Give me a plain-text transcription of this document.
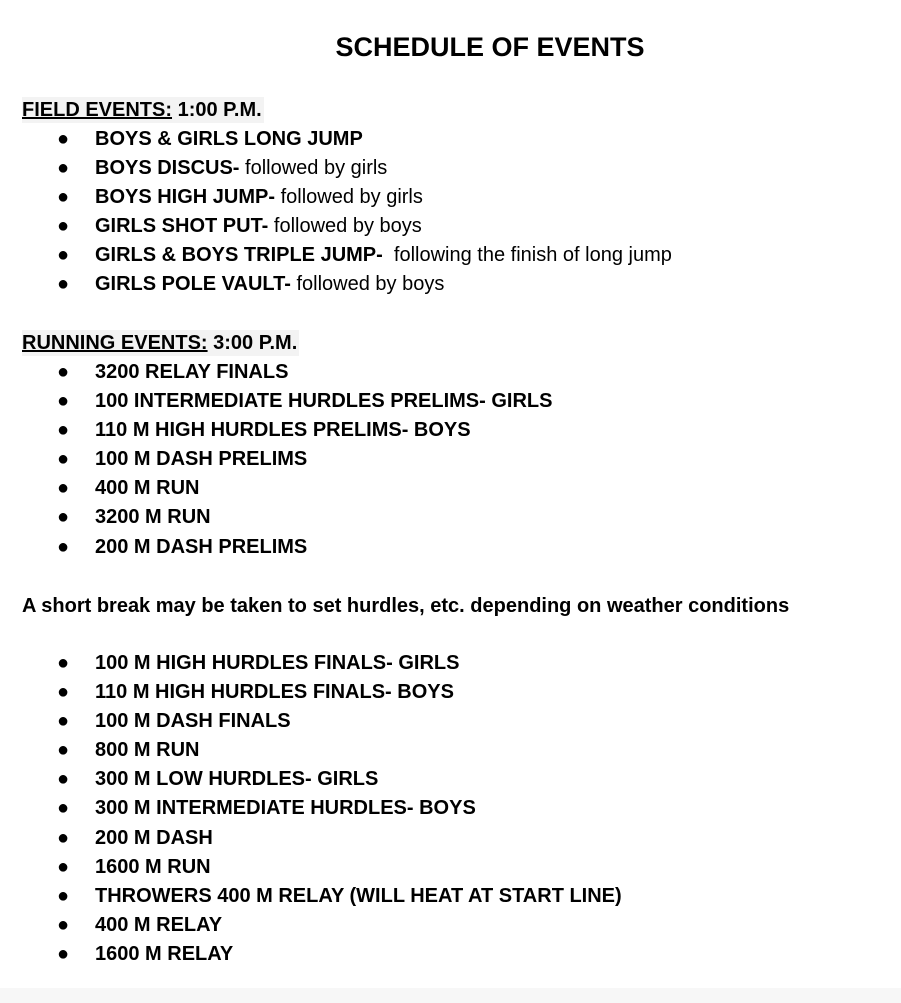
SCHEDULE OF EVENTS

FIELD EVENTS: 1:00 P.M.

● BOYS & GIRLS LONG JUMP
● BOYS DISCUS- followed by girls
● BOYS HIGH JUMP- followed by girls
● GIRLS SHOT PUT- followed by boys
● GIRLS & BOYS TRIPLE JUMP-  following the finish of long jump
● GIRLS POLE VAULT- followed by boys

RUNNING EVENTS: 3:00 P.M.

● 3200 RELAY FINALS
● 100 INTERMEDIATE HURDLES PRELIMS- GIRLS
● 110 M HIGH HURDLES PRELIMS- BOYS
● 100 M DASH PRELIMS
● 400 M RUN
● 3200 M RUN
● 200 M DASH PRELIMS

A short break may be taken to set hurdles, etc. depending on weather conditions

● 100 M HIGH HURDLES FINALS- GIRLS
● 110 M HIGH HURDLES FINALS- BOYS
● 100 M DASH FINALS
● 800 M RUN
● 300 M LOW HURDLES- GIRLS
● 300 M INTERMEDIATE HURDLES- BOYS
● 200 M DASH
● 1600 M RUN
● THROWERS 400 M RELAY (WILL HEAT AT START LINE)
● 400 M RELAY
● 1600 M RELAY
